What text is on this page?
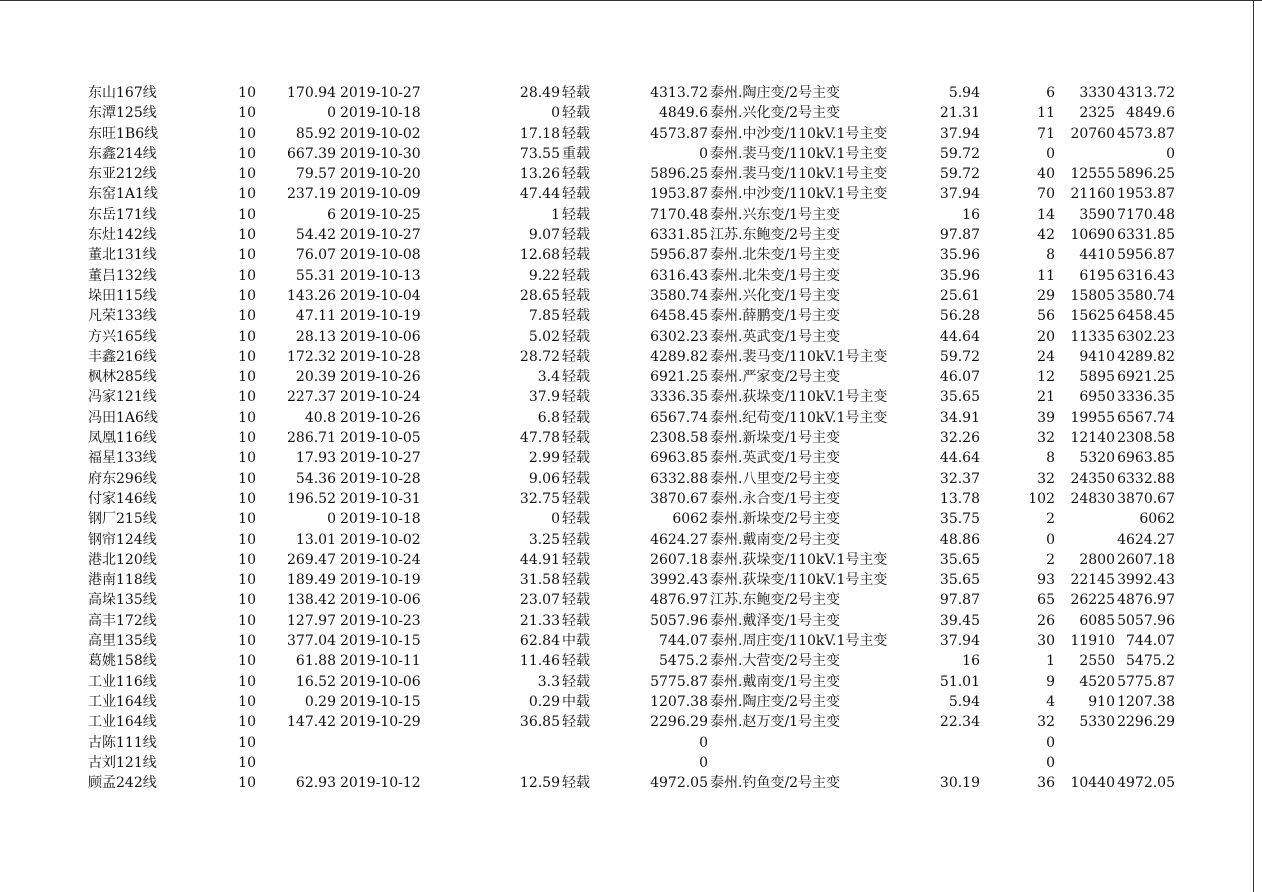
东山167线	10	170.94	2019-10-27	28.49	轻载	4313.72	泰州.陶庄变/2号主变	5.94	6	3330	4313.72
东潭125线	10	0	2019-10-18	0	轻载	4849.6	泰州.兴化变/2号主变	21.31	11	2325	4849.6
东旺1B6线	10	85.92	2019-10-02	17.18	轻载	4573.87	泰州.中沙变/110kV.1号主变	37.94	71	20760	4573.87
东鑫214线	10	667.39	2019-10-30	73.55	重载	0	泰州.裴马变/110kV.1号主变	59.72	0		0
东亚212线	10	79.57	2019-10-20	13.26	轻载	5896.25	泰州.裴马变/110kV.1号主变	59.72	40	12555	5896.25
东窑1A1线	10	237.19	2019-10-09	47.44	轻载	1953.87	泰州.中沙变/110kV.1号主变	37.94	70	21160	1953.87
东岳171线	10	6	2019-10-25	1	轻载	7170.48	泰州.兴东变/1号主变	16	14	3590	7170.48
东灶142线	10	54.42	2019-10-27	9.07	轻载	6331.85	江苏.东鲍变/2号主变	97.87	42	10690	6331.85
董北131线	10	76.07	2019-10-08	12.68	轻载	5956.87	泰州.北朱变/1号主变	35.96	8	4410	5956.87
董吕132线	10	55.31	2019-10-13	9.22	轻载	6316.43	泰州.北朱变/1号主变	35.96	11	6195	6316.43
垛田115线	10	143.26	2019-10-04	28.65	轻载	3580.74	泰州.兴化变/1号主变	25.61	29	15805	3580.74
凡荣133线	10	47.11	2019-10-19	7.85	轻载	6458.45	泰州.薛鹏变/1号主变	56.28	56	15625	6458.45
方兴165线	10	28.13	2019-10-06	5.02	轻载	6302.23	泰州.英武变/1号主变	44.64	20	11335	6302.23
丰鑫216线	10	172.32	2019-10-28	28.72	轻载	4289.82	泰州.裴马变/110kV.1号主变	59.72	24	9410	4289.82
枫林285线	10	20.39	2019-10-26	3.4	轻载	6921.25	泰州.严家变/2号主变	46.07	12	5895	6921.25
冯家121线	10	227.37	2019-10-24	37.9	轻载	3336.35	泰州.荻垛变/110kV.1号主变	35.65	21	6950	3336.35
冯田1A6线	10	40.8	2019-10-26	6.8	轻载	6567.74	泰州.纪苟变/110kV.1号主变	34.91	39	19955	6567.74
凤凰116线	10	286.71	2019-10-05	47.78	轻载	2308.58	泰州.新垛变/1号主变	32.26	32	12140	2308.58
福星133线	10	17.93	2019-10-27	2.99	轻载	6963.85	泰州.英武变/1号主变	44.64	8	5320	6963.85
府东296线	10	54.36	2019-10-28	9.06	轻载	6332.88	泰州.八里变/2号主变	32.37	32	24350	6332.88
付家146线	10	196.52	2019-10-31	32.75	轻载	3870.67	泰州.永合变/1号主变	13.78	102	24830	3870.67
钢厂215线	10	0	2019-10-18	0	轻载	6062	泰州.新垛变/2号主变	35.75	2		6062
钢帘124线	10	13.01	2019-10-02	3.25	轻载	4624.27	泰州.戴南变/2号主变	48.86	0		4624.27
港北120线	10	269.47	2019-10-24	44.91	轻载	2607.18	泰州.荻垛变/110kV.1号主变	35.65	2	2800	2607.18
港南118线	10	189.49	2019-10-19	31.58	轻载	3992.43	泰州.荻垛变/110kV.1号主变	35.65	93	22145	3992.43
高垛135线	10	138.42	2019-10-06	23.07	轻载	4876.97	江苏.东鲍变/2号主变	97.87	65	26225	4876.97
高丰172线	10	127.97	2019-10-23	21.33	轻载	5057.96	泰州.戴泽变/1号主变	39.45	26	6085	5057.96
高里135线	10	377.04	2019-10-15	62.84	中载	744.07	泰州.周庄变/110kV.1号主变	37.94	30	11910	744.07
葛姚158线	10	61.88	2019-10-11	11.46	轻载	5475.2	泰州.大营变/2号主变	16	1	2550	5475.2
工业116线	10	16.52	2019-10-06	3.3	轻载	5775.87	泰州.戴南变/1号主变	51.01	9	4520	5775.87
工业164线	10	0.29	2019-10-15	0.29	中载	1207.38	泰州.陶庄变/2号主变	5.94	4	910	1207.38
工业164线	10	147.42	2019-10-29	36.85	轻载	2296.29	泰州.赵万变/1号主变	22.34	32	5330	2296.29
古陈111线	10					0			0		
古刘121线	10					0			0		
顾孟242线	10	62.93	2019-10-12	12.59	轻载	4972.05	泰州.钓鱼变/2号主变	30.19	36	10440	4972.05
